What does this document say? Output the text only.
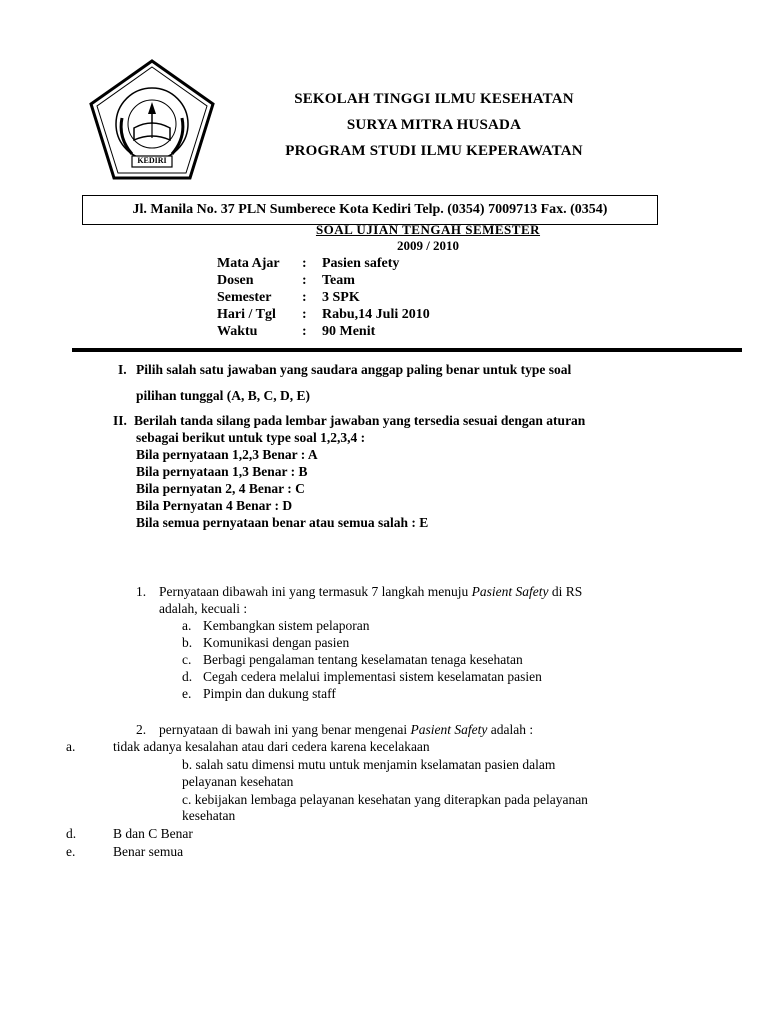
KEDIRI
SEKOLAH TINGGI ILMU KESEHATAN
SURYA MITRA HUSADA
PROGRAM STUDI ILMU KEPERAWATAN
Jl. Manila No. 37 PLN Sumberece Kota Kediri Telp. (0354) 7009713 Fax. (0354)
SOAL UJIAN TENGAH SEMESTER
2009 / 2010
Mata Ajar	:	Pasien safety
Dosen	:	Team
Semester	:	3 SPK
Hari / Tgl	:	Rabu,14 Juli 2010
Waktu	:	90 Menit
I. Pilih salah satu jawaban yang saudara anggap paling benar untuk type soal
pilihan tunggal (A, B, C, D, E)
II. Berilah tanda silang pada lembar jawaban yang tersedia sesuai dengan aturan
sebagai berikut untuk type soal 1,2,3,4 :
Bila pernyataan 1,2,3 Benar : A
Bila pernyataan 1,3 Benar : B
Bila pernyatan 2, 4 Benar : C
Bila Pernyatan 4 Benar : D
Bila semua pernyataan benar atau semua salah : E
1. Pernyataan dibawah ini yang termasuk 7 langkah menuju Pasient Safety di RS
adalah, kecuali :
a. Kembangkan sistem pelaporan
b. Komunikasi dengan pasien
c. Berbagi pengalaman tentang keselamatan tenaga kesehatan
d. Cegah cedera melalui implementasi sistem keselamatan pasien
e. Pimpin dan dukung staff
2. pernyataan di bawah ini yang benar mengenai Pasient Safety adalah :
a.	tidak adanya kesalahan atau dari cedera karena kecelakaan
b. salah satu dimensi mutu untuk menjamin kselamatan pasien dalam
pelayanan kesehatan
c. kebijakan lembaga pelayanan kesehatan yang diterapkan pada pelayanan
kesehatan
d.	B dan C Benar
e.	Benar semua
